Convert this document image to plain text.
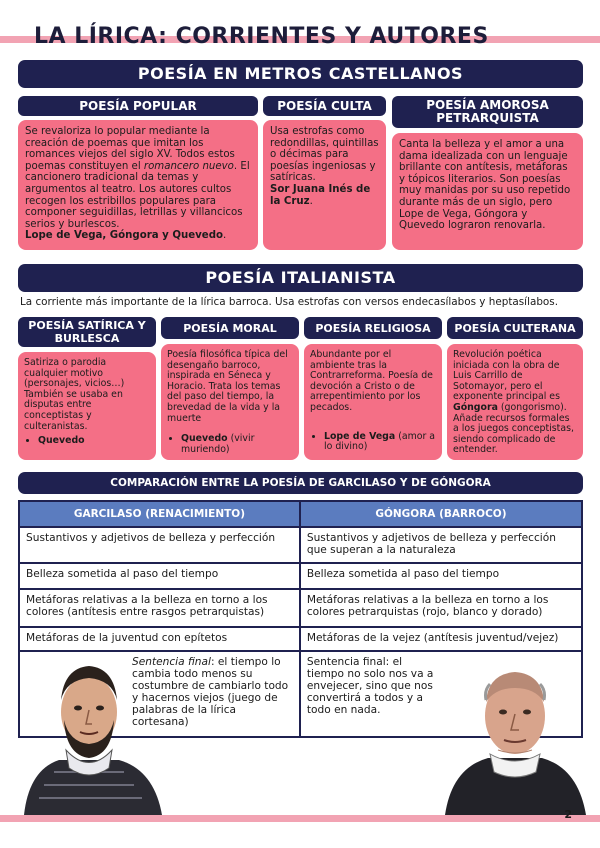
LA LÍRICA: CORRIENTES Y AUTORES
POESÍA EN METROS CASTELLANOS
POESÍA POPULAR	POESÍA CULTA	POESÍA AMOROSA PETRARQUISTA
Se revaloriza lo popular mediante la creación de poemas que imitan los romances viejos del siglo XV. Todos estos poemas constituyen el romancero nuevo. El cancionero tradicional da temas y argumentos al teatro. Los autores cultos recogen los estribillos populares para componer seguidillas, letrillas y villancicos serios y burlescos.
Lope de Vega, Góngora y Quevedo.
Usa estrofas como redondillas, quintillas o décimas para poesías ingeniosas y satíricas.
Sor Juana Inés de la Cruz.
Canta la belleza y el amor a una dama idealizada con un lenguaje brillante con antítesis, metáforas y tópicos literarios. Son poesías muy manidas por su uso repetido durante más de un siglo, pero Lope de Vega, Góngora y Quevedo lograron renovarla.
POESÍA ITALIANISTA
La corriente más importante de la lírica barroca. Usa estrofas con versos endecasílabos y heptasílabos.
POESÍA SATÍRICA Y BURLESCA
POESÍA MORAL	POESÍA RELIGIOSA	POESÍA CULTERANA
Satiriza o parodia cualquier motivo (personajes, vicios…) También se usaba en disputas entre conceptistas y culteranistas.
• Quevedo
Poesía filosófica típica del desengaño barroco, inspirada en Séneca y Horacio. Trata los temas del paso del tiempo, la brevedad de la vida y la muerte
• Quevedo (vivir muriendo)
Abundante por el ambiente tras la Contrarreforma. Poesía de devoción a Cristo o de arrepentimiento por los pecados.
• Lope de Vega (amor a lo divino)
Revolución poética iniciada con la obra de Luis Carrillo de Sotomayor, pero el exponente principal es Góngora (gongorismo). Añade recursos formales a los juegos conceptistas, siendo complicado de entender.
COMPARACIÓN ENTRE LA POESÍA DE GARCILASO Y DE GÓNGORA
GARCILASO (RENACIMIENTO)	GÓNGORA (BARROCO)
Sustantivos y adjetivos de belleza y perfección	Sustantivos y adjetivos de belleza y perfección que superan a la naturaleza
Belleza sometida al paso del tiempo	Belleza sometida al paso del tiempo
Metáforas relativas a la belleza en torno a los colores (antítesis entre rasgos petrarquistas)	Metáforas relativas a la belleza en torno a los colores petrarquistas (rojo, blanco y dorado)
Metáforas de la juventud con epítetos	Metáforas de la vejez (antítesis juventud/vejez)
Sentencia final: el tiempo lo cambia todo menos su costumbre de cambiarlo todo y hacernos viejos (juego de palabras de la lírica cortesana)	Sentencia final: el tiempo no solo nos va a envejecer, sino que nos convertirá a todos y a todo en nada.
2
